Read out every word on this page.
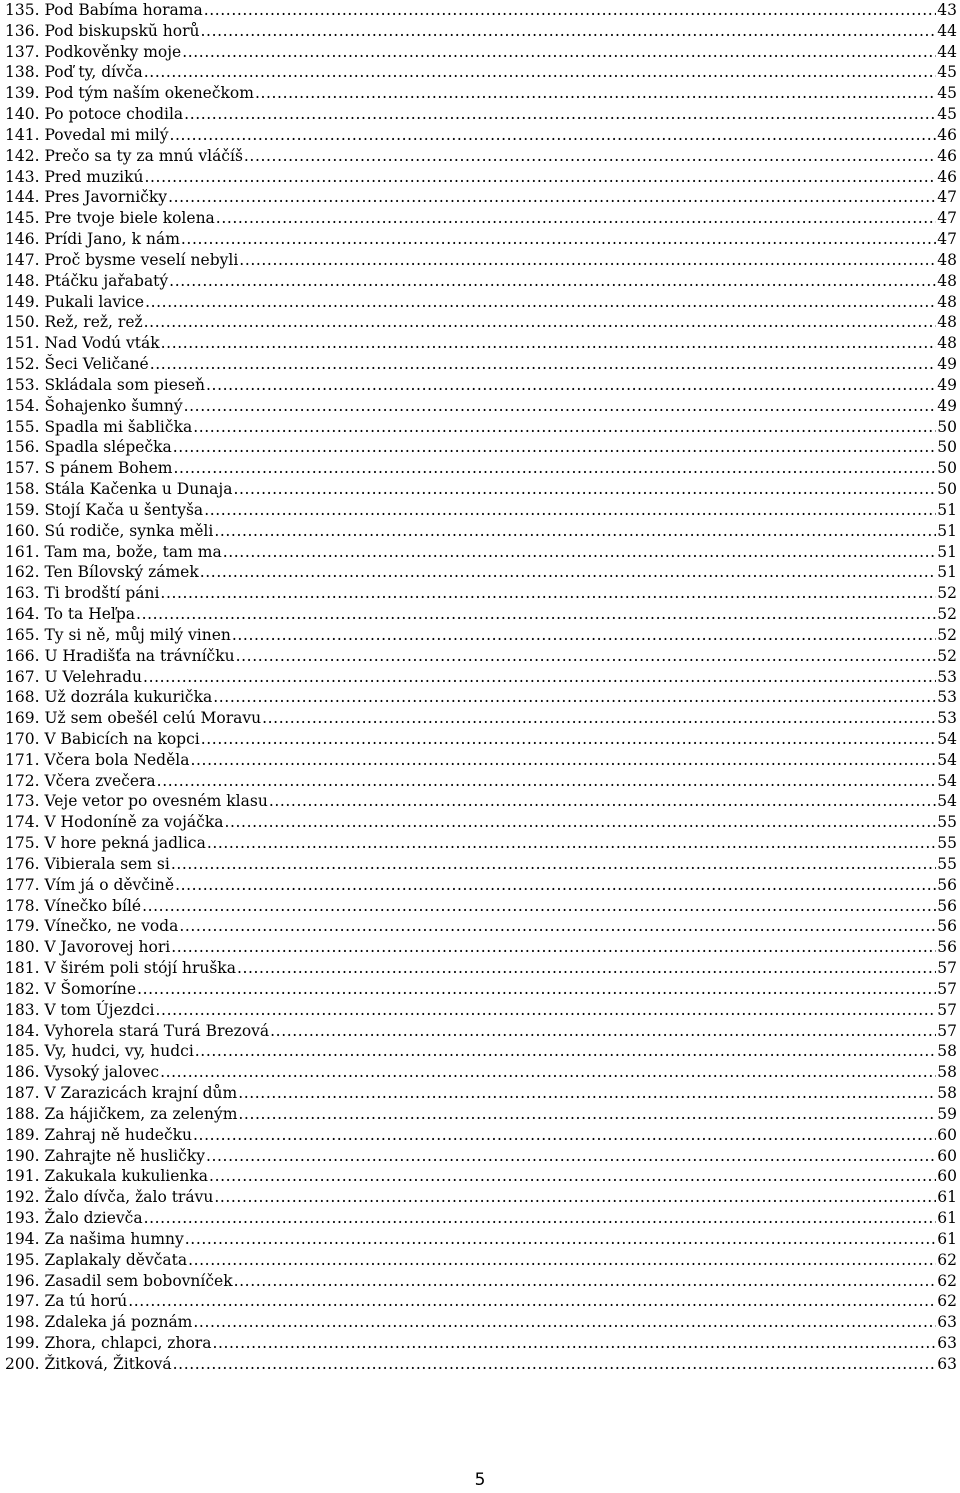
135. Pod Babíma horama .....	43
136. Pod biskupskŭ horů .....	44
137. Podkověnky moje .....	44
138. Poď ty, dívča .....	45
139. Pod tým naším okenečkom .....	45
140. Po potoce chodila .....	45
141. Povedal mi milý .....	46
142. Prečo sa ty za mnú vláčíš .....	46
143. Pred muzikú .....	46
144. Pres Javorničky .....	47
145. Pre tvoje biele kolena .....	47
146. Prídi Jano, k nám .....	47
147. Proč bysme veselí nebyli .....	48
148. Ptáčku jařabatý .....	48
149. Pukali lavice .....	48
150. Rež, rež, rež .....	48
151. Nad Vodú vták .....	48
152. Šeci Veličané .....	49
153. Skládala som pieseň .....	49
154. Šohajenko šumný .....	49
155. Spadla mi šablička .....	50
156. Spadla slépečka .....	50
157. S pánem Bohem .....	50
158. Stála Kačenka u Dunaja .....	50
159. Stojí Kača u šentyša .....	51
160. Sú rodiče, synka měli .....	51
161. Tam ma, bože, tam ma .....	51
162. Ten Bílovský zámek .....	51
163. Ti brodští páni .....	52
164. To ta Heľpa .....	52
165. Ty si ně, můj milý vinen .....	52
166. U Hradišťa na trávníčku .....	52
167. U Velehradu .....	53
168. Už dozrála kukurička .....	53
169. Už sem obešél celú Moravu .....	53
170. V Babicích na kopci .....	54
171. Včera bola Neděla .....	54
172. Včera zvečera .....	54
173. Veje vetor po ovesném klasu .....	54
174. V Hodoníně za vojáčka .....	55
175. V hore pekná jadlica .....	55
176. Vibierala sem si .....	55
177. Vím já o děvčině .....	56
178. Vínečko bílé .....	56
179. Vínečko, ne voda .....	56
180. V Javorovej hori .....	56
181. V širém poli stójí hruška .....	57
182. V Šomoríne .....	57
183. V tom Újezdci .....	57
184. Vyhorela stará Turá Brezová .....	57
185. Vy, hudci, vy, hudci .....	58
186. Vysoký jalovec .....	58
187. V Zarazicách krajní dům .....	58
188. Za hájičkem, za zeleným .....	59
189. Zahraj ně hudečku .....	60
190. Zahrajte ně husličky .....	60
191. Zakukala kukulienka .....	60
192. Žalo dívča, žalo trávu .....	61
193. Žalo dzievča .....	61
194. Za našima humny .....	61
195. Zaplakaly děvčata .....	62
196. Zasadil sem bobovníček .....	62
197. Za tú horú .....	62
198. Zdaleka já poznám .....	63
199. Zhora, chlapci, zhora .....	63
200. Žitková, Žitková .....	63
5
